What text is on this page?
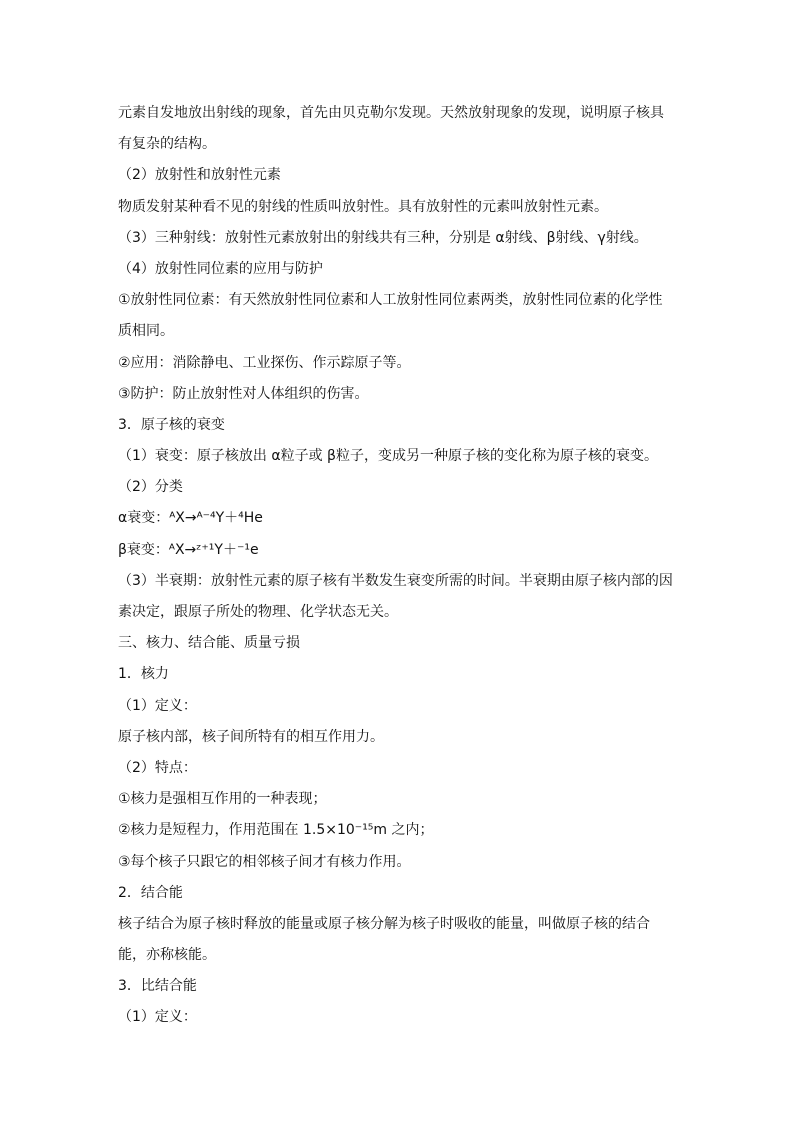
元素自发地放出射线的现象，首先由贝克勒尔发现。天然放射现象的发现，说明原子核具
有复杂的结构。
（2）放射性和放射性元素
物质发射某种看不见的射线的性质叫放射性。具有放射性的元素叫放射性元素。
（3）三种射线：放射性元素放射出的射线共有三种，分别是 α射线、β射线、γ射线。
（4）放射性同位素的应用与防护
①放射性同位素：有天然放射性同位素和人工放射性同位素两类，放射性同位素的化学性
质相同。
②应用：消除静电、工业探伤、作示踪原子等。
③防护：防止放射性对人体组织的伤害。
3．原子核的衰变
（1）衰变：原子核放出 α粒子或 β粒子，变成另一种原子核的变化称为原子核的衰变。
（2）分类
α衰变：ᴬX→ᴬ⁻⁴Y＋⁴He
β衰变：ᴬX→ᶻ⁺¹Y＋⁻¹e
（3）半衰期：放射性元素的原子核有半数发生衰变所需的时间。半衰期由原子核内部的因
素决定，跟原子所处的物理、化学状态无关。
三、核力、结合能、质量亏损
1．核力
（1）定义：
原子核内部，核子间所特有的相互作用力。
（2）特点：
①核力是强相互作用的一种表现；
②核力是短程力，作用范围在 1.5×10⁻¹⁵m 之内；
③每个核子只跟它的相邻核子间才有核力作用。
2．结合能
核子结合为原子核时释放的能量或原子核分解为核子时吸收的能量，叫做原子核的结合
能，亦称核能。
3．比结合能
（1）定义：
